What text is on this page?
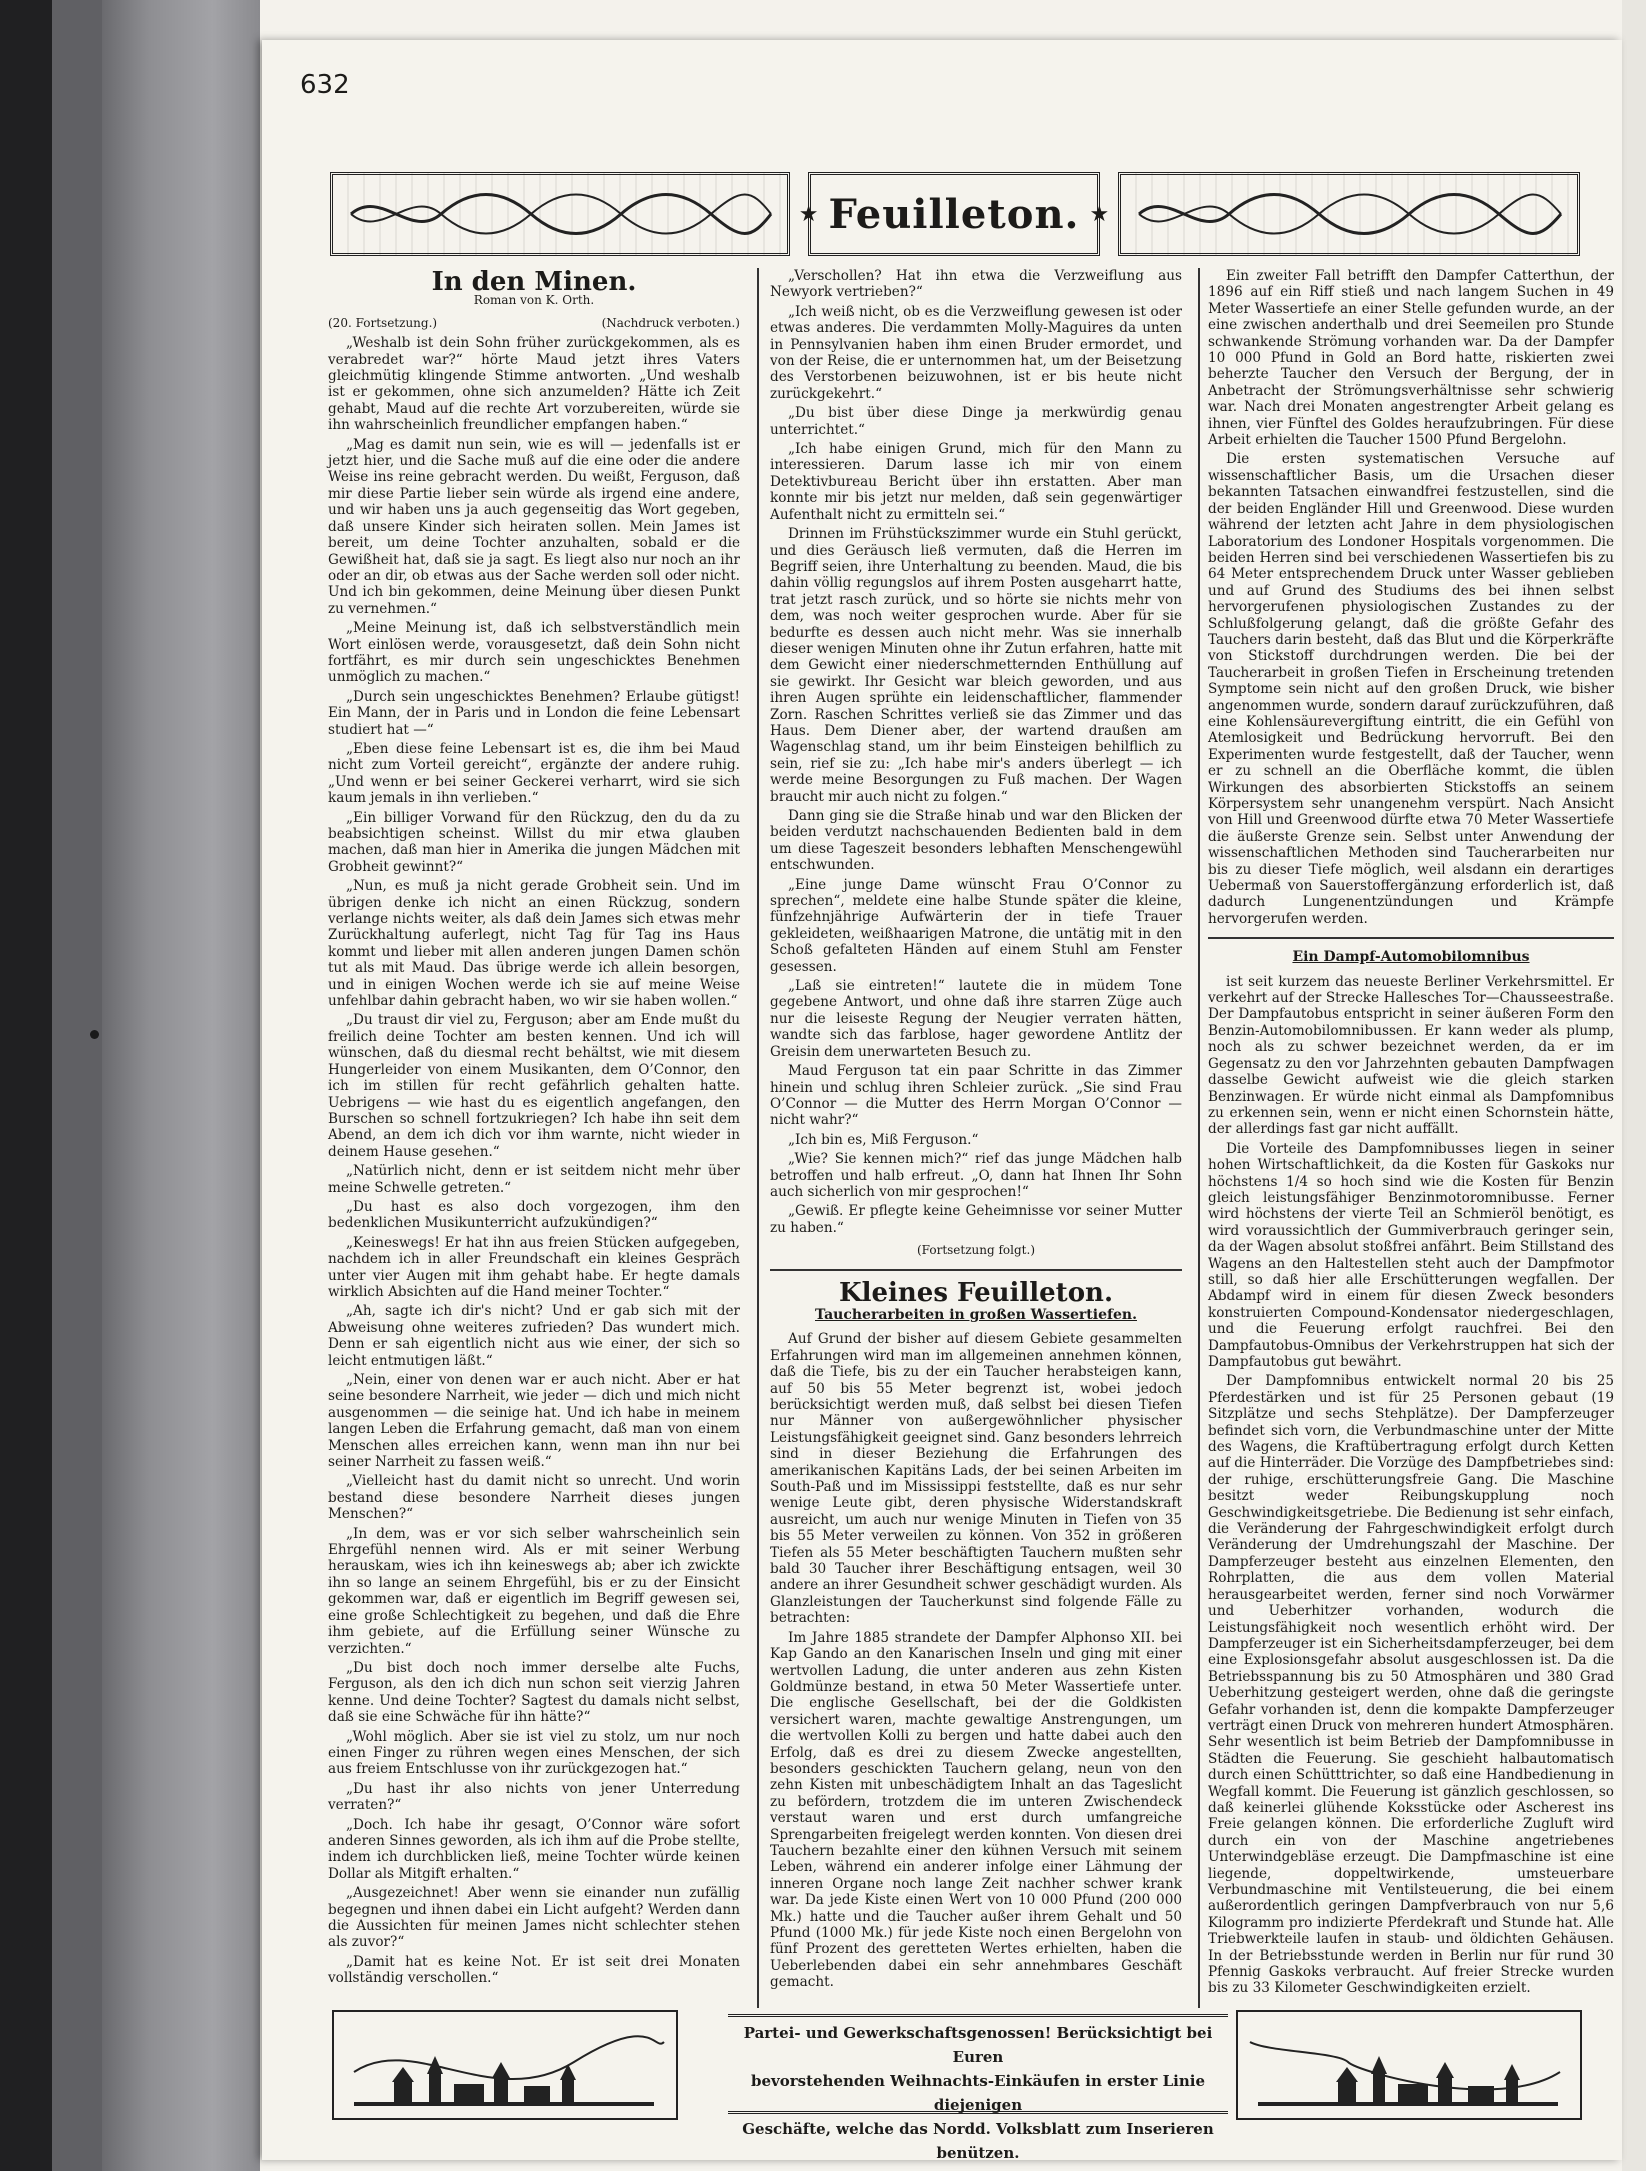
632
★ Feuilleton. ★
In den Minen.
Roman von K. Orth.
(20. Fortsetzung.)	(Nachdruck verboten.)

„Weshalb ist dein Sohn früher zurückgekommen, als es verabredet war?“ hörte Maud jetzt ihres Vaters gleichmütig klingende Stimme antworten. „Und weshalb ist er gekommen, ohne sich anzumelden? Hätte ich Zeit gehabt, Maud auf die rechte Art vorzubereiten, würde sie ihn wahrscheinlich freundlicher empfangen haben.“

„Mag es damit nun sein, wie es will — jedenfalls ist er jetzt hier, und die Sache muß auf die eine oder die andere Weise ins reine gebracht werden. Du weißt, Ferguson, daß mir diese Partie lieber sein würde als irgend eine andere, und wir haben uns ja auch gegenseitig das Wort gegeben, daß unsere Kinder sich heiraten sollen. Mein James ist bereit, um deine Tochter anzuhalten, sobald er die Gewißheit hat, daß sie ja sagt. Es liegt also nur noch an ihr oder an dir, ob etwas aus der Sache werden soll oder nicht. Und ich bin gekommen, deine Meinung über diesen Punkt zu vernehmen.“

„Meine Meinung ist, daß ich selbstverständlich mein Wort einlösen werde, vorausgesetzt, daß dein Sohn nicht fortfährt, es mir durch sein ungeschicktes Benehmen unmöglich zu machen.“

„Durch sein ungeschicktes Benehmen? Erlaube gütigst! Ein Mann, der in Paris und in London die feine Lebensart studiert hat —“

„Eben diese feine Lebensart ist es, die ihm bei Maud nicht zum Vorteil gereicht“, ergänzte der andere ruhig. „Und wenn er bei seiner Geckerei verharrt, wird sie sich kaum jemals in ihn verlieben.“

„Ein billiger Vorwand für den Rückzug, den du da zu beabsichtigen scheinst. Willst du mir etwa glauben machen, daß man hier in Amerika die jungen Mädchen mit Grobheit gewinnt?“

„Nun, es muß ja nicht gerade Grobheit sein. Und im übrigen denke ich nicht an einen Rückzug, sondern verlange nichts weiter, als daß dein James sich etwas mehr Zurückhaltung auferlegt, nicht Tag für Tag ins Haus kommt und lieber mit allen anderen jungen Damen schön tut als mit Maud. Das übrige werde ich allein besorgen, und in einigen Wochen werde ich sie auf meine Weise unfehlbar dahin gebracht haben, wo wir sie haben wollen.“

„Du traust dir viel zu, Ferguson; aber am Ende mußt du freilich deine Tochter am besten kennen. Und ich will wünschen, daß du diesmal recht behältst, wie mit diesem Hungerleider von einem Musikanten, dem O’Connor, den ich im stillen für recht gefährlich gehalten hatte. Uebrigens — wie hast du es eigentlich angefangen, den Burschen so schnell fortzukriegen? Ich habe ihn seit dem Abend, an dem ich dich vor ihm warnte, nicht wieder in deinem Hause gesehen.“

„Natürlich nicht, denn er ist seitdem nicht mehr über meine Schwelle getreten.“

„Du hast es also doch vorgezogen, ihm den bedenklichen Musikunterricht aufzukündigen?“

„Keineswegs! Er hat ihn aus freien Stücken aufgegeben, nachdem ich in aller Freundschaft ein kleines Gespräch unter vier Augen mit ihm gehabt habe. Er hegte damals wirklich Absichten auf die Hand meiner Tochter.“

„Ah, sagte ich dir's nicht? Und er gab sich mit der Abweisung ohne weiteres zufrieden? Das wundert mich. Denn er sah eigentlich nicht aus wie einer, der sich so leicht entmutigen läßt.“

„Nein, einer von denen war er auch nicht. Aber er hat seine besondere Narrheit, wie jeder — dich und mich nicht ausgenommen — die seinige hat. Und ich habe in meinem langen Leben die Erfahrung gemacht, daß man von einem Menschen alles erreichen kann, wenn man ihn nur bei seiner Narrheit zu fassen weiß.“

„Vielleicht hast du damit nicht so unrecht. Und worin bestand diese besondere Narrheit dieses jungen Menschen?“

„In dem, was er vor sich selber wahrscheinlich sein Ehrgefühl nennen wird. Als er mit seiner Werbung herauskam, wies ich ihn keineswegs ab; aber ich zwickte ihn so lange an seinem Ehrgefühl, bis er zu der Einsicht gekommen war, daß er eigentlich im Begriff gewesen sei, eine große Schlechtigkeit zu begehen, und daß die Ehre ihm gebiete, auf die Erfüllung seiner Wünsche zu verzichten.“

„Du bist doch noch immer derselbe alte Fuchs, Ferguson, als den ich dich nun schon seit vierzig Jahren kenne. Und deine Tochter? Sagtest du damals nicht selbst, daß sie eine Schwäche für ihn hätte?“

„Wohl möglich. Aber sie ist viel zu stolz, um nur noch einen Finger zu rühren wegen eines Menschen, der sich aus freiem Entschlusse von ihr zurückgezogen hat.“

„Du hast ihr also nichts von jener Unterredung verraten?“

„Doch. Ich habe ihr gesagt, O’Connor wäre sofort anderen Sinnes geworden, als ich ihm auf die Probe stellte, indem ich durchblicken ließ, meine Tochter würde keinen Dollar als Mitgift erhalten.“

„Ausgezeichnet! Aber wenn sie einander nun zufällig begegnen und ihnen dabei ein Licht aufgeht? Werden dann die Aussichten für meinen James nicht schlechter stehen als zuvor?“

„Damit hat es keine Not. Er ist seit drei Monaten vollständig verschollen.“

„Verschollen? Hat ihn etwa die Verzweiflung aus Newyork vertrieben?“

„Ich weiß nicht, ob es die Verzweiflung gewesen ist oder etwas anderes. Die verdammten Molly-Maguires da unten in Pennsylvanien haben ihm einen Bruder ermordet, und von der Reise, die er unternommen hat, um der Beisetzung des Verstorbenen beizuwohnen, ist er bis heute nicht zurückgekehrt.“

„Du bist über diese Dinge ja merkwürdig genau unterrichtet.“

„Ich habe einigen Grund, mich für den Mann zu interessieren. Darum lasse ich mir von einem Detektivbureau Bericht über ihn erstatten. Aber man konnte mir bis jetzt nur melden, daß sein gegenwärtiger Aufenthalt nicht zu ermitteln sei.“

Drinnen im Frühstückszimmer wurde ein Stuhl gerückt, und dies Geräusch ließ vermuten, daß die Herren im Begriff seien, ihre Unterhaltung zu beenden. Maud, die bis dahin völlig regungslos auf ihrem Posten ausgeharrt hatte, trat jetzt rasch zurück, und so hörte sie nichts mehr von dem, was noch weiter gesprochen wurde. Aber für sie bedurfte es dessen auch nicht mehr. Was sie innerhalb dieser wenigen Minuten ohne ihr Zutun erfahren, hatte mit dem Gewicht einer niederschmetternden Enthüllung auf sie gewirkt. Ihr Gesicht war bleich geworden, und aus ihren Augen sprühte ein leidenschaftlicher, flammender Zorn. Raschen Schrittes verließ sie das Zimmer und das Haus. Dem Diener aber, der wartend draußen am Wagenschlag stand, um ihr beim Einsteigen behilflich zu sein, rief sie zu: „Ich habe mir's anders überlegt — ich werde meine Besorgungen zu Fuß machen. Der Wagen braucht mir auch nicht zu folgen.“

Dann ging sie die Straße hinab und war den Blicken der beiden verdutzt nachschauenden Bedienten bald in dem um diese Tageszeit besonders lebhaften Menschengewühl entschwunden.

„Eine junge Dame wünscht Frau O’Connor zu sprechen“, meldete eine halbe Stunde später die kleine, fünfzehnjährige Aufwärterin der in tiefe Trauer gekleideten, weißhaarigen Matrone, die untätig mit in den Schoß gefalteten Händen auf einem Stuhl am Fenster gesessen.

„Laß sie eintreten!“ lautete die in müdem Tone gegebene Antwort, und ohne daß ihre starren Züge auch nur die leiseste Regung der Neugier verraten hätten, wandte sich das farblose, hager gewordene Antlitz der Greisin dem unerwarteten Besuch zu.

Maud Ferguson tat ein paar Schritte in das Zimmer hinein und schlug ihren Schleier zurück. „Sie sind Frau O’Connor — die Mutter des Herrn Morgan O’Connor — nicht wahr?“

„Ich bin es, Miß Ferguson.“

„Wie? Sie kennen mich?“ rief das junge Mädchen halb betroffen und halb erfreut. „O, dann hat Ihnen Ihr Sohn auch sicherlich von mir gesprochen!“

„Gewiß. Er pflegte keine Geheimnisse vor seiner Mutter zu haben.“

(Fortsetzung folgt.)
Kleines Feuilleton.
Taucherarbeiten in großen Wassertiefen.

Auf Grund der bisher auf diesem Gebiete gesammelten Erfahrungen wird man im allgemeinen annehmen können, daß die Tiefe, bis zu der ein Taucher herabsteigen kann, auf 50 bis 55 Meter begrenzt ist, wobei jedoch berücksichtigt werden muß, daß selbst bei diesen Tiefen nur Männer von außergewöhnlicher physischer Leistungsfähigkeit geeignet sind. Ganz besonders lehrreich sind in dieser Beziehung die Erfahrungen des amerikanischen Kapitäns Lads, der bei seinen Arbeiten im South-Paß und im Mississippi feststellte, daß es nur sehr wenige Leute gibt, deren physische Widerstandskraft ausreicht, um auch nur wenige Minuten in Tiefen von 35 bis 55 Meter verweilen zu können. Von 352 in größeren Tiefen als 55 Meter beschäftigten Tauchern mußten sehr bald 30 Taucher ihrer Beschäftigung entsagen, weil 30 andere an ihrer Gesundheit schwer geschädigt wurden. Als Glanzleistungen der Taucherkunst sind folgende Fälle zu betrachten:

Im Jahre 1885 strandete der Dampfer Alphonso XII. bei Kap Gando an den Kanarischen Inseln und ging mit einer wertvollen Ladung, die unter anderen aus zehn Kisten Goldmünze bestand, in etwa 50 Meter Wassertiefe unter. Die englische Gesellschaft, bei der die Goldkisten versichert waren, machte gewaltige Anstrengungen, um die wertvollen Kolli zu bergen und hatte dabei auch den Erfolg, daß es drei zu diesem Zwecke angestellten, besonders geschickten Tauchern gelang, neun von den zehn Kisten mit unbeschädigtem Inhalt an das Tageslicht zu befördern, trotzdem die im unteren Zwischendeck verstaut waren und erst durch umfangreiche Sprengarbeiten freigelegt werden konnten. Von diesen drei Tauchern bezahlte einer den kühnen Versuch mit seinem Leben, während ein anderer infolge einer Lähmung der inneren Organe noch lange Zeit nachher schwer krank war. Da jede Kiste einen Wert von 10 000 Pfund (200 000 Mk.) hatte und die Taucher außer ihrem Gehalt und 50 Pfund (1000 Mk.) für jede Kiste noch einen Bergelohn von fünf Prozent des geretteten Wertes erhielten, haben die Ueberlebenden dabei ein sehr annehmbares Geschäft gemacht.

Ein zweiter Fall betrifft den Dampfer Catterthun, der 1896 auf ein Riff stieß und nach langem Suchen in 49 Meter Wassertiefe an einer Stelle gefunden wurde, an der eine zwischen anderthalb und drei Seemeilen pro Stunde schwankende Strömung vorhanden war. Da der Dampfer 10 000 Pfund in Gold an Bord hatte, riskierten zwei beherzte Taucher den Versuch der Bergung, der in Anbetracht der Strömungsverhältnisse sehr schwierig war. Nach drei Monaten angestrengter Arbeit gelang es ihnen, vier Fünftel des Goldes heraufzubringen. Für diese Arbeit erhielten die Taucher 1500 Pfund Bergelohn.

Die ersten systematischen Versuche auf wissenschaftlicher Basis, um die Ursachen dieser bekannten Tatsachen einwandfrei festzustellen, sind die der beiden Engländer Hill und Greenwood. Diese wurden während der letzten acht Jahre in dem physiologischen Laboratorium des Londoner Hospitals vorgenommen. Die beiden Herren sind bei verschiedenen Wassertiefen bis zu 64 Meter entsprechendem Druck unter Wasser geblieben und auf Grund des Studiums des bei ihnen selbst hervorgerufenen physiologischen Zustandes zu der Schlußfolgerung gelangt, daß die größte Gefahr des Tauchers darin besteht, daß das Blut und die Körperkräfte von Stickstoff durchdrungen werden. Die bei der Taucherarbeit in großen Tiefen in Erscheinung tretenden Symptome sein nicht auf den großen Druck, wie bisher angenommen wurde, sondern darauf zurückzuführen, daß eine Kohlensäurevergiftung eintritt, die ein Gefühl von Atemlosigkeit und Bedrückung hervorruft. Bei den Experimenten wurde festgestellt, daß der Taucher, wenn er zu schnell an die Oberfläche kommt, die üblen Wirkungen des absorbierten Stickstoffs an seinem Körpersystem sehr unangenehm verspürt. Nach Ansicht von Hill und Greenwood dürfte etwa 70 Meter Wassertiefe die äußerste Grenze sein. Selbst unter Anwendung der wissenschaftlichen Methoden sind Taucherarbeiten nur bis zu dieser Tiefe möglich, weil alsdann ein derartiges Uebermaß von Sauerstoffergänzung erforderlich ist, daß dadurch Lungenentzündungen und Krämpfe hervorgerufen werden.

Ein Dampf-Automobilomnibus

ist seit kurzem das neueste Berliner Verkehrsmittel. Er verkehrt auf der Strecke Hallesches Tor—Chausseestraße. Der Dampfautobus entspricht in seiner äußeren Form den Benzin-Automobilomnibussen. Er kann weder als plump, noch als zu schwer bezeichnet werden, da er im Gegensatz zu den vor Jahrzehnten gebauten Dampfwagen dasselbe Gewicht aufweist wie die gleich starken Benzinwagen. Er würde nicht einmal als Dampfomnibus zu erkennen sein, wenn er nicht einen Schornstein hätte, der allerdings fast gar nicht auffällt.

Die Vorteile des Dampfomnibusses liegen in seiner hohen Wirtschaftlichkeit, da die Kosten für Gaskoks nur höchstens 1/4 so hoch sind wie die Kosten für Benzin gleich leistungsfähiger Benzinmotoromnibusse. Ferner wird höchstens der vierte Teil an Schmieröl benötigt, es wird voraussichtlich der Gummiverbrauch geringer sein, da der Wagen absolut stoßfrei anfährt. Beim Stillstand des Wagens an den Haltestellen steht auch der Dampfmotor still, so daß hier alle Erschütterungen wegfallen. Der Abdampf wird in einem für diesen Zweck besonders konstruierten Compound-Kondensator niedergeschlagen, und die Feuerung erfolgt rauchfrei. Bei den Dampfautobus-Omnibus der Verkehrstruppen hat sich der Dampfautobus gut bewährt.

Der Dampfomnibus entwickelt normal 20 bis 25 Pferdestärken und ist für 25 Personen gebaut (19 Sitzplätze und sechs Stehplätze). Der Dampferzeuger befindet sich vorn, die Verbundmaschine unter der Mitte des Wagens, die Kraftübertragung erfolgt durch Ketten auf die Hinterräder. Die Vorzüge des Dampfbetriebes sind: der ruhige, erschütterungsfreie Gang. Die Maschine besitzt weder Reibungskupplung noch Geschwindigkeitsgetriebe. Die Bedienung ist sehr einfach, die Veränderung der Fahrgeschwindigkeit erfolgt durch Veränderung der Umdrehungszahl der Maschine. Der Dampferzeuger besteht aus einzelnen Elementen, den Rohrplatten, die aus dem vollen Material herausgearbeitet werden, ferner sind noch Vorwärmer und Ueberhitzer vorhanden, wodurch die Leistungsfähigkeit noch wesentlich erhöht wird. Der Dampferzeuger ist ein Sicherheitsdampferzeuger, bei dem eine Explosionsgefahr absolut ausgeschlossen ist. Da die Betriebsspannung bis zu 50 Atmosphären und 380 Grad Ueberhitzung gesteigert werden, ohne daß die geringste Gefahr vorhanden ist, denn die kompakte Dampferzeuger verträgt einen Druck von mehreren hundert Atmosphären. Sehr wesentlich ist beim Betrieb der Dampfomnibusse in Städten die Feuerung. Sie geschieht halbautomatisch durch einen Schütttrichter, so daß eine Handbedienung in Wegfall kommt. Die Feuerung ist gänzlich geschlossen, so daß keinerlei glühende Koksstücke oder Ascherest ins Freie gelangen können. Die erforderliche Zugluft wird durch ein von der Maschine angetriebenes Unterwindgebläse erzeugt. Die Dampfmaschine ist eine liegende, doppeltwirkende, umsteuerbare Verbundmaschine mit Ventilsteuerung, die bei einem außerordentlich geringen Dampfverbrauch von nur 5,6 Kilogramm pro indizierte Pferdekraft und Stunde hat. Alle Triebwerkteile laufen in staub- und öldichten Gehäusen. In der Betriebsstunde werden in Berlin nur für rund 30 Pfennig Gaskoks verbraucht. Auf freier Strecke wurden bis zu 33 Kilometer Geschwindigkeiten erzielt.

Partei- und Gewerkschaftsgenossen! Berücksichtigt bei Euren
bevorstehenden Weihnachts-Einkäufen in erster Linie diejenigen
Geschäfte, welche das Nordd. Volksblatt zum Inserieren benützen.
